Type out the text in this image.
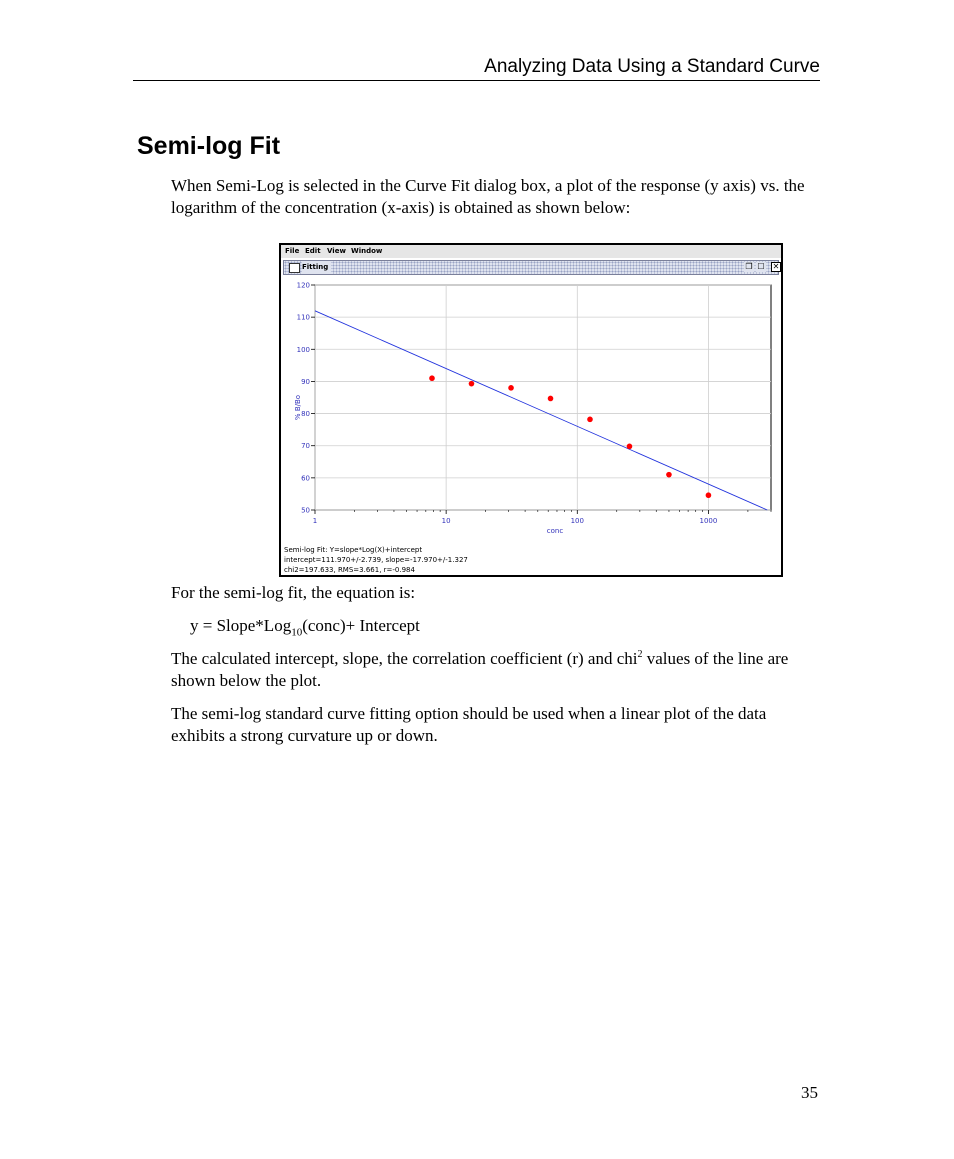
Analyzing Data Using a Standard Curve
Semi-log Fit
When Semi-Log is selected in the Curve Fit dialog box, a plot of the response (y axis) vs. the logarithm of the concentration (x-axis) is obtained as shown below:
File Edit View Window
Fitting	❐ ☐ ✕
50
60
70
80
90
100
110
120
1	10	100	1000
conc
% B/Bo
Semi-log Fit: Y=slope*Log(X)+intercept
intercept=111.970+/-2.739, slope=-17.970+/-1.327
chi2=197.633, RMS=3.661, r=-0.984
For the semi-log fit, the equation is:
y = Slope*Log$_{10}$(conc)+ Intercept
The calculated intercept, slope, the correlation coefficient (r) and chi$^2$ values of the line are shown below the plot.
The semi-log standard curve fitting option should be used when a linear plot of the data exhibits a strong curvature up or down.
35
